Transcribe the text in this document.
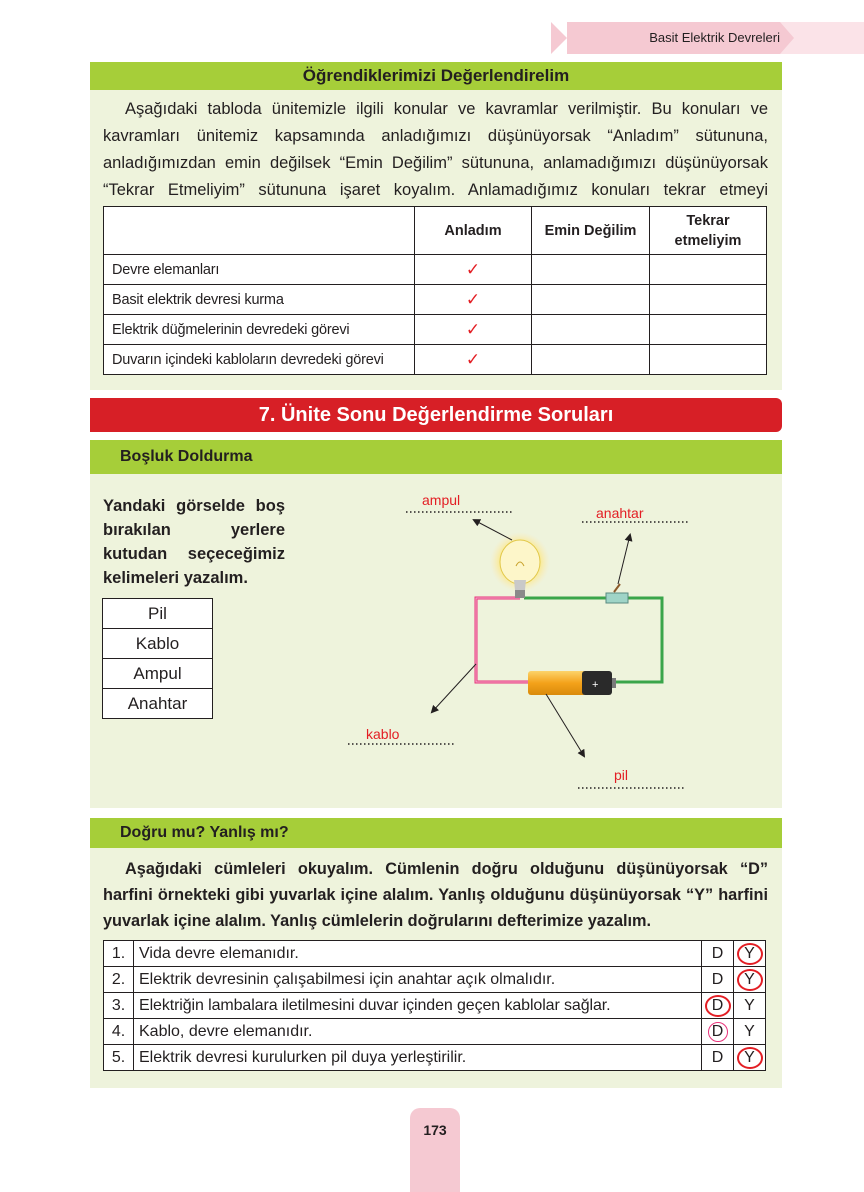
Basit Elektrik Devreleri
Öğrendiklerimizi Değerlendirelim

Aşağıdaki tabloda ünitemizle ilgili konular ve kavramlar verilmiştir. Bu konuları ve kavramları ünitemiz kapsamında anladığımızı düşünüyorsak “Anladım” sütununa, anladığımızdan emin değilsek “Emin Değilim” sütununa, anlamadığımızı düşünüyorsak “Tekrar Etmeliyim” sütununa işaret koyalım. Anlamadığımız konuları tekrar etmeyi

	Anladım	Emin Değilim	Tekrar etmeliyim
Devre elemanları	✓		
Basit elektrik devresi kurma	✓		
Elektrik düğmelerinin devredeki görevi	✓		
Duvarın içindeki kabloların devredeki görevi	✓		
7. Ünite Sonu Değerlendirme Soruları
Boşluk Doldurma

Yandaki görselde boş bırakılan yerlere kutudan seçeceğimiz kelimeleri yazalım.

Pil
Kablo
Ampul
Anahtar
+
ampul
anahtar
kablo
pil
Doğru mu? Yanlış mı?

Aşağıdaki cümleleri okuyalım. Cümlenin doğru olduğunu düşünüyorsak “D” harfini örnekteki gibi yuvarlak içine alalım. Yanlış olduğunu düşünüyorsak “Y” harfini yuvarlak içine alalım. Yanlış cümlelerin doğrularını defterimize yazalım.

1.	Vida devre elemanıdır.	D	Y
2.	Elektrik devresinin çalışabilmesi için anahtar açık olmalıdır.	D	Y
3.	Elektriğin lambalara iletilmesini duvar içinden geçen kablolar sağlar.	D	Y
4.	Kablo, devre elemanıdır.	D	Y
5.	Elektrik devresi kurulurken pil duya yerleştirilir.	D	Y
173
